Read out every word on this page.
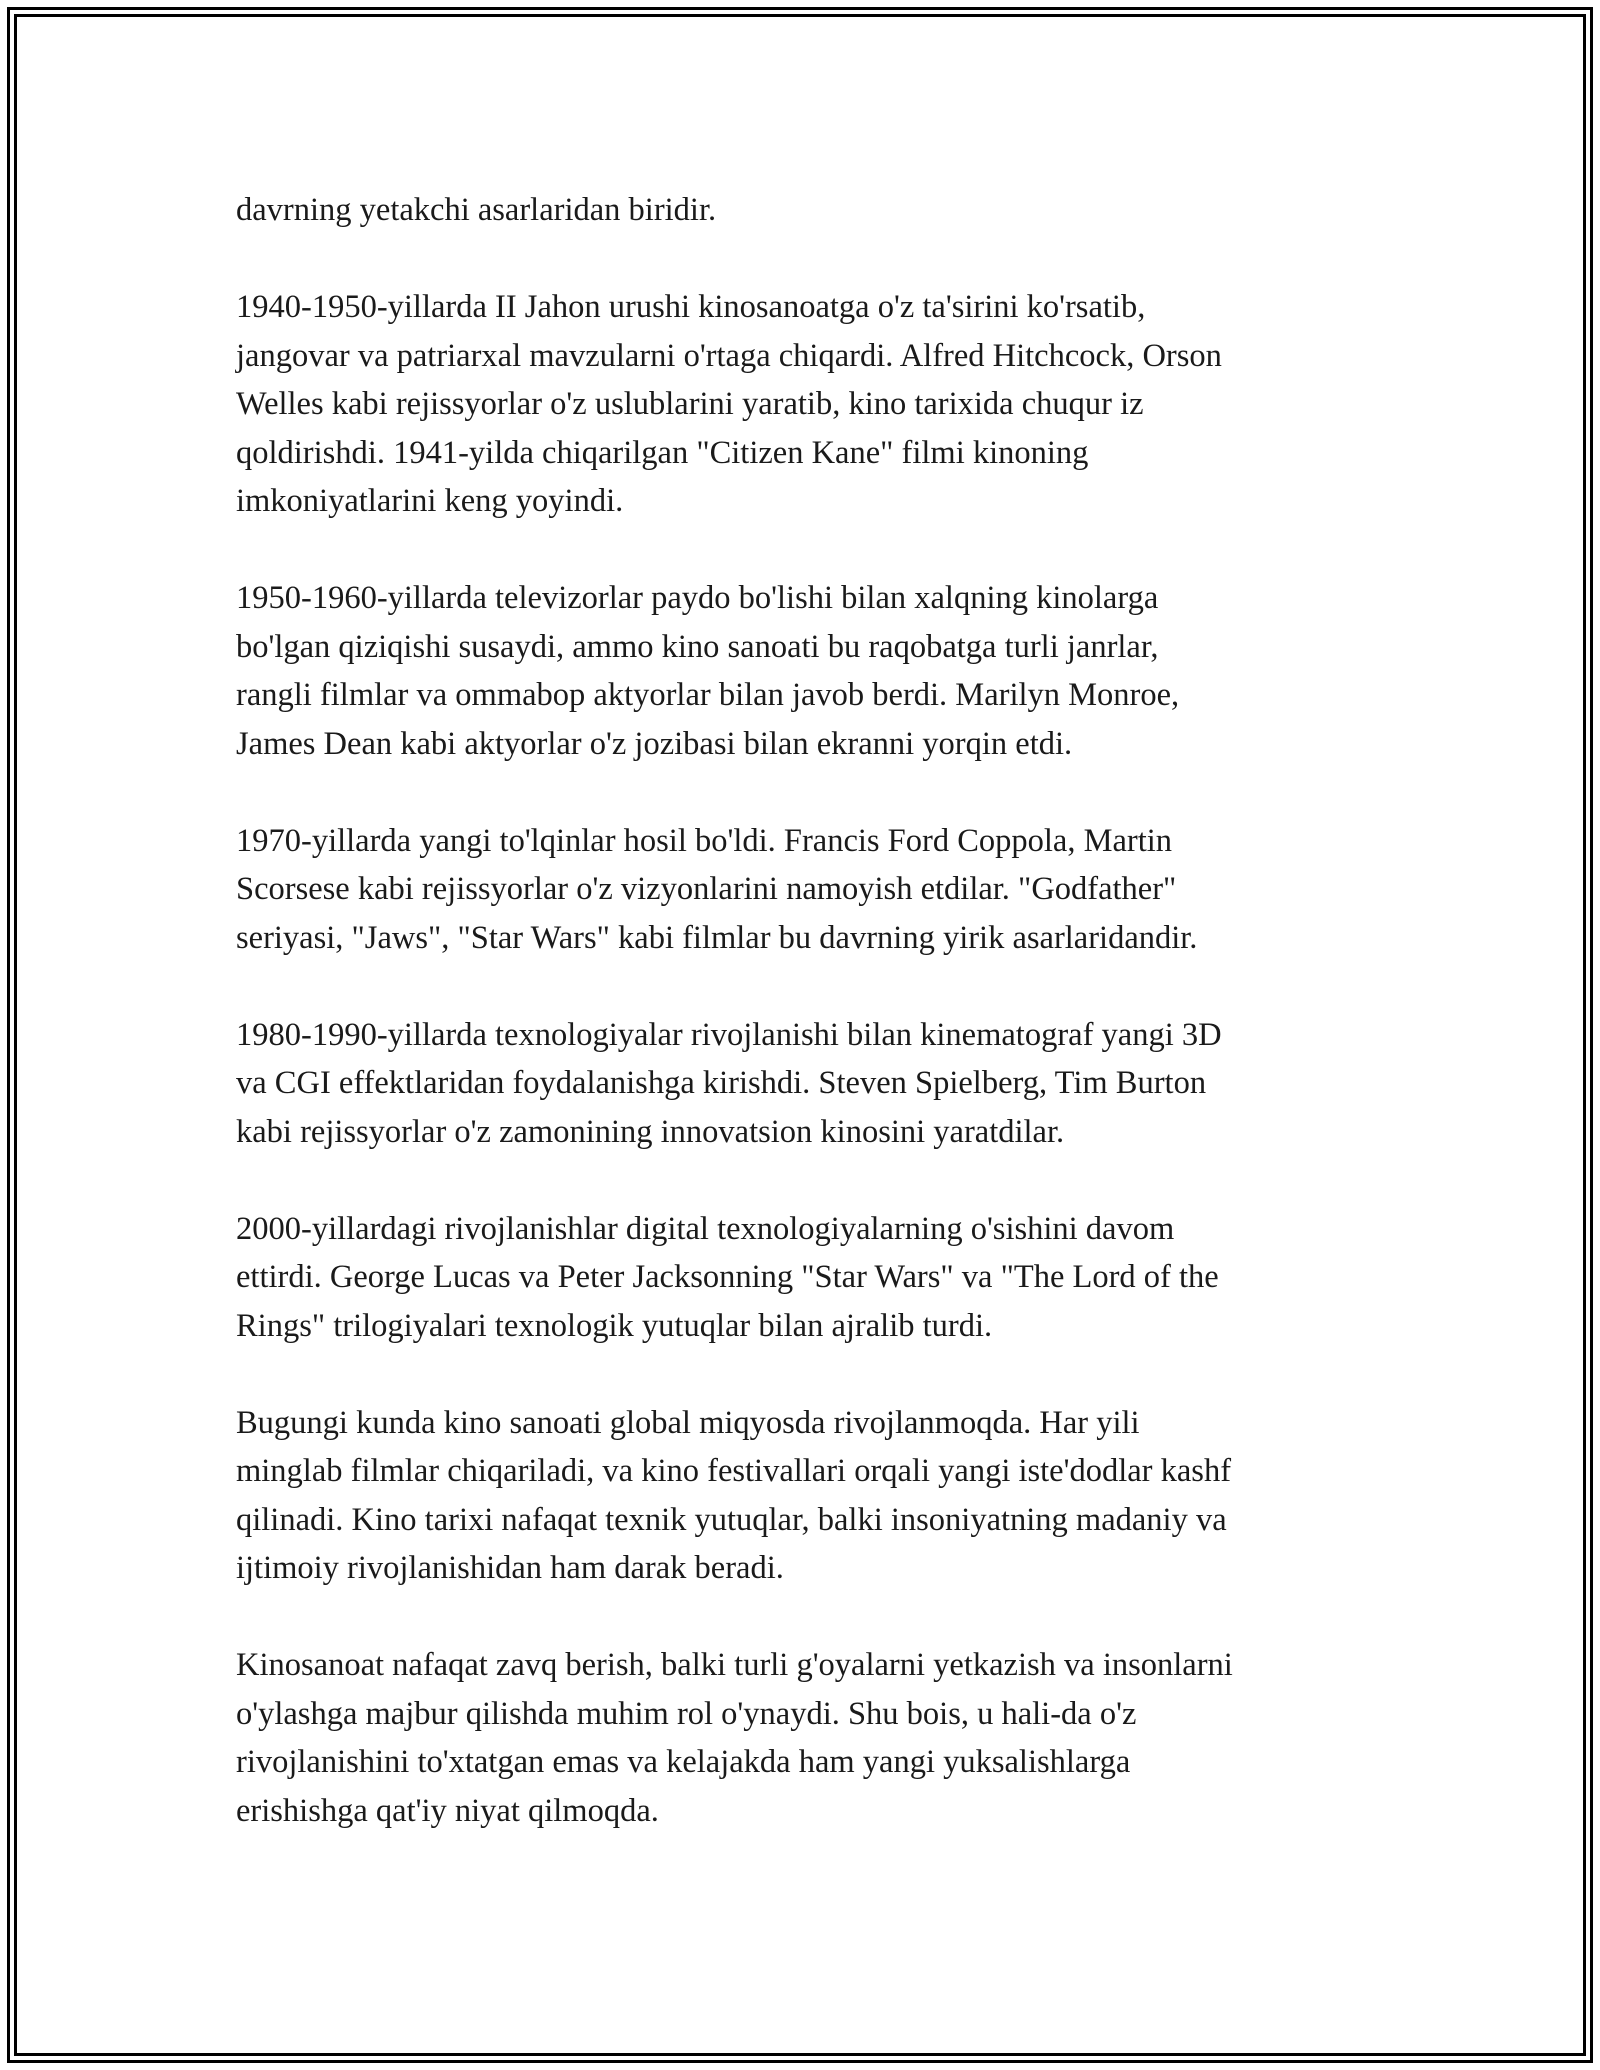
davrning yetakchi asarlaridan biridir.

1940-1950-yillarda II Jahon urushi kinosanoatga o'z ta'sirini ko'rsatib,
jangovar va patriarxal mavzularni o'rtaga chiqardi. Alfred Hitchcock, Orson
Welles kabi rejissyorlar o'z uslublarini yaratib, kino tarixida chuqur iz
qoldirishdi. 1941-yilda chiqarilgan "Citizen Kane" filmi kinoning
imkoniyatlarini keng yoyindi.

1950-1960-yillarda televizorlar paydo bo'lishi bilan xalqning kinolarga
bo'lgan qiziqishi susaydi, ammo kino sanoati bu raqobatga turli janrlar,
rangli filmlar va ommabop aktyorlar bilan javob berdi. Marilyn Monroe,
James Dean kabi aktyorlar o'z jozibasi bilan ekranni yorqin etdi.

1970-yillarda yangi to'lqinlar hosil bo'ldi. Francis Ford Coppola, Martin
Scorsese kabi rejissyorlar o'z vizyonlarini namoyish etdilar. "Godfather"
seriyasi, "Jaws", "Star Wars" kabi filmlar bu davrning yirik asarlaridandir.

1980-1990-yillarda texnologiyalar rivojlanishi bilan kinematograf yangi 3D
va CGI effektlaridan foydalanishga kirishdi. Steven Spielberg, Tim Burton
kabi rejissyorlar o'z zamonining innovatsion kinosini yaratdilar.

2000-yillardagi rivojlanishlar digital texnologiyalarning o'sishini davom
ettirdi. George Lucas va Peter Jacksonning "Star Wars" va "The Lord of the
Rings" trilogiyalari texnologik yutuqlar bilan ajralib turdi.

Bugungi kunda kino sanoati global miqyosda rivojlanmoqda. Har yili
minglab filmlar chiqariladi, va kino festivallari orqali yangi iste'dodlar kashf
qilinadi. Kino tarixi nafaqat texnik yutuqlar, balki insoniyatning madaniy va
ijtimoiy rivojlanishidan ham darak beradi.

Kinosanoat nafaqat zavq berish, balki turli g'oyalarni yetkazish va insonlarni
o'ylashga majbur qilishda muhim rol o'ynaydi. Shu bois, u hali-da o'z
rivojlanishini to'xtatgan emas va kelajakda ham yangi yuksalishlarga
erishishga qat'iy niyat qilmoqda.
